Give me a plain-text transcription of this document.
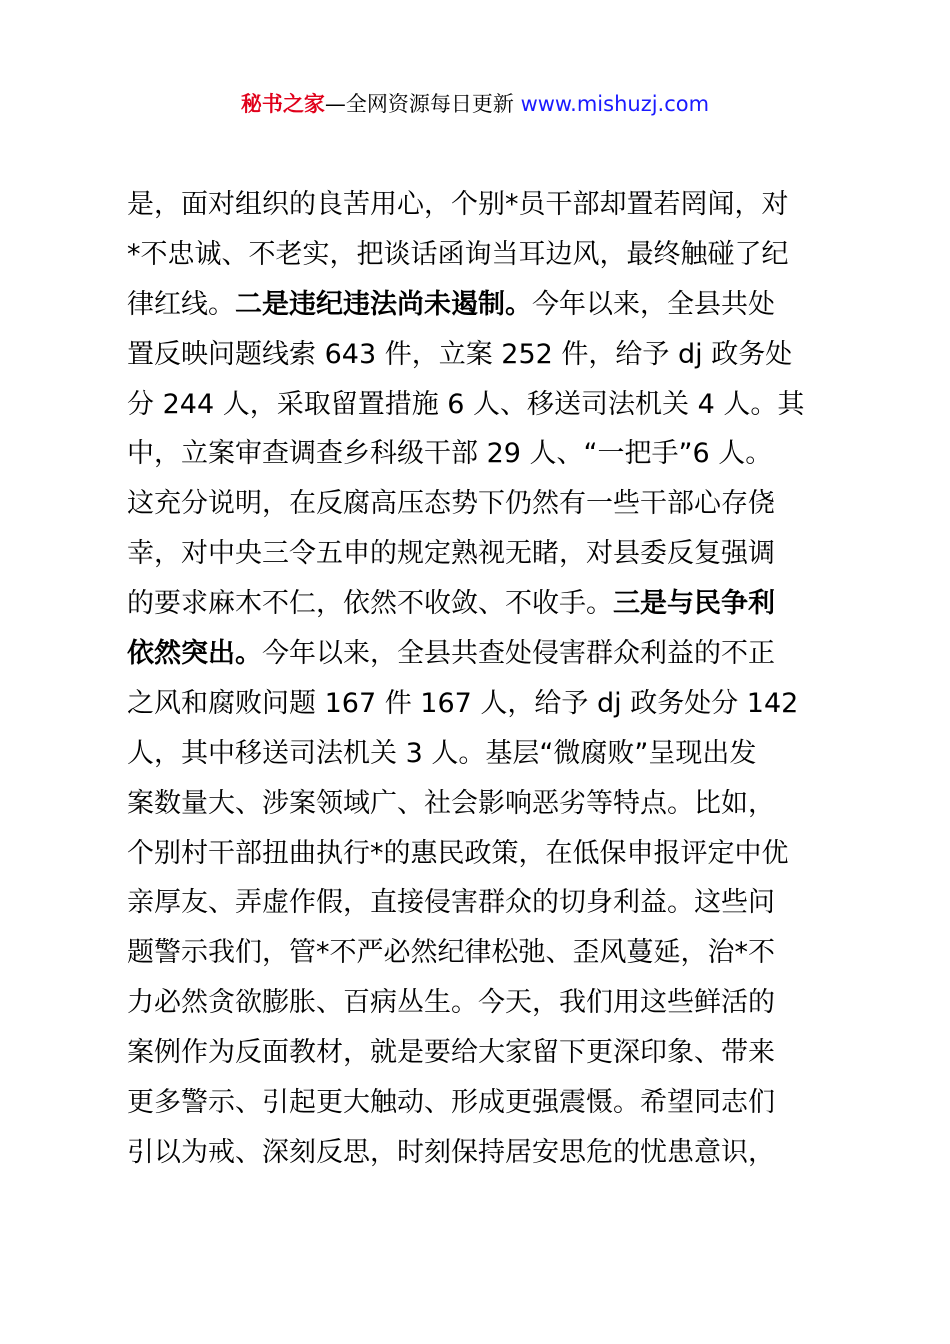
秘书之家—全网资源每日更新 www.mishuzj.com
是，面对组织的良苦用心，个别*员干部却置若罔闻，对
*不忠诚、不老实，把谈话函询当耳边风，最终触碰了纪
律红线。二是违纪违法尚未遏制。今年以来，全县共处
置反映问题线索 643 件，立案 252 件，给予 dj 政务处
分 244 人，采取留置措施 6 人、移送司法机关 4 人。其
中，立案审查调查乡科级干部 29 人、“一把手”6 人。
这充分说明，在反腐高压态势下仍然有一些干部心存侥
幸，对中央三令五申的规定熟视无睹，对县委反复强调
的要求麻木不仁，依然不收敛、不收手。三是与民争利
依然突出。今年以来，全县共查处侵害群众利益的不正
之风和腐败问题 167 件 167 人，给予 dj 政务处分 142
人，其中移送司法机关 3 人。基层“微腐败”呈现出发
案数量大、涉案领域广、社会影响恶劣等特点。比如，
个别村干部扭曲执行*的惠民政策，在低保申报评定中优
亲厚友、弄虚作假，直接侵害群众的切身利益。这些问
题警示我们，管*不严必然纪律松弛、歪风蔓延，治*不
力必然贪欲膨胀、百病丛生。今天，我们用这些鲜活的
案例作为反面教材，就是要给大家留下更深印象、带来
更多警示、引起更大触动、形成更强震慑。希望同志们
引以为戒、深刻反思，时刻保持居安思危的忧患意识，
